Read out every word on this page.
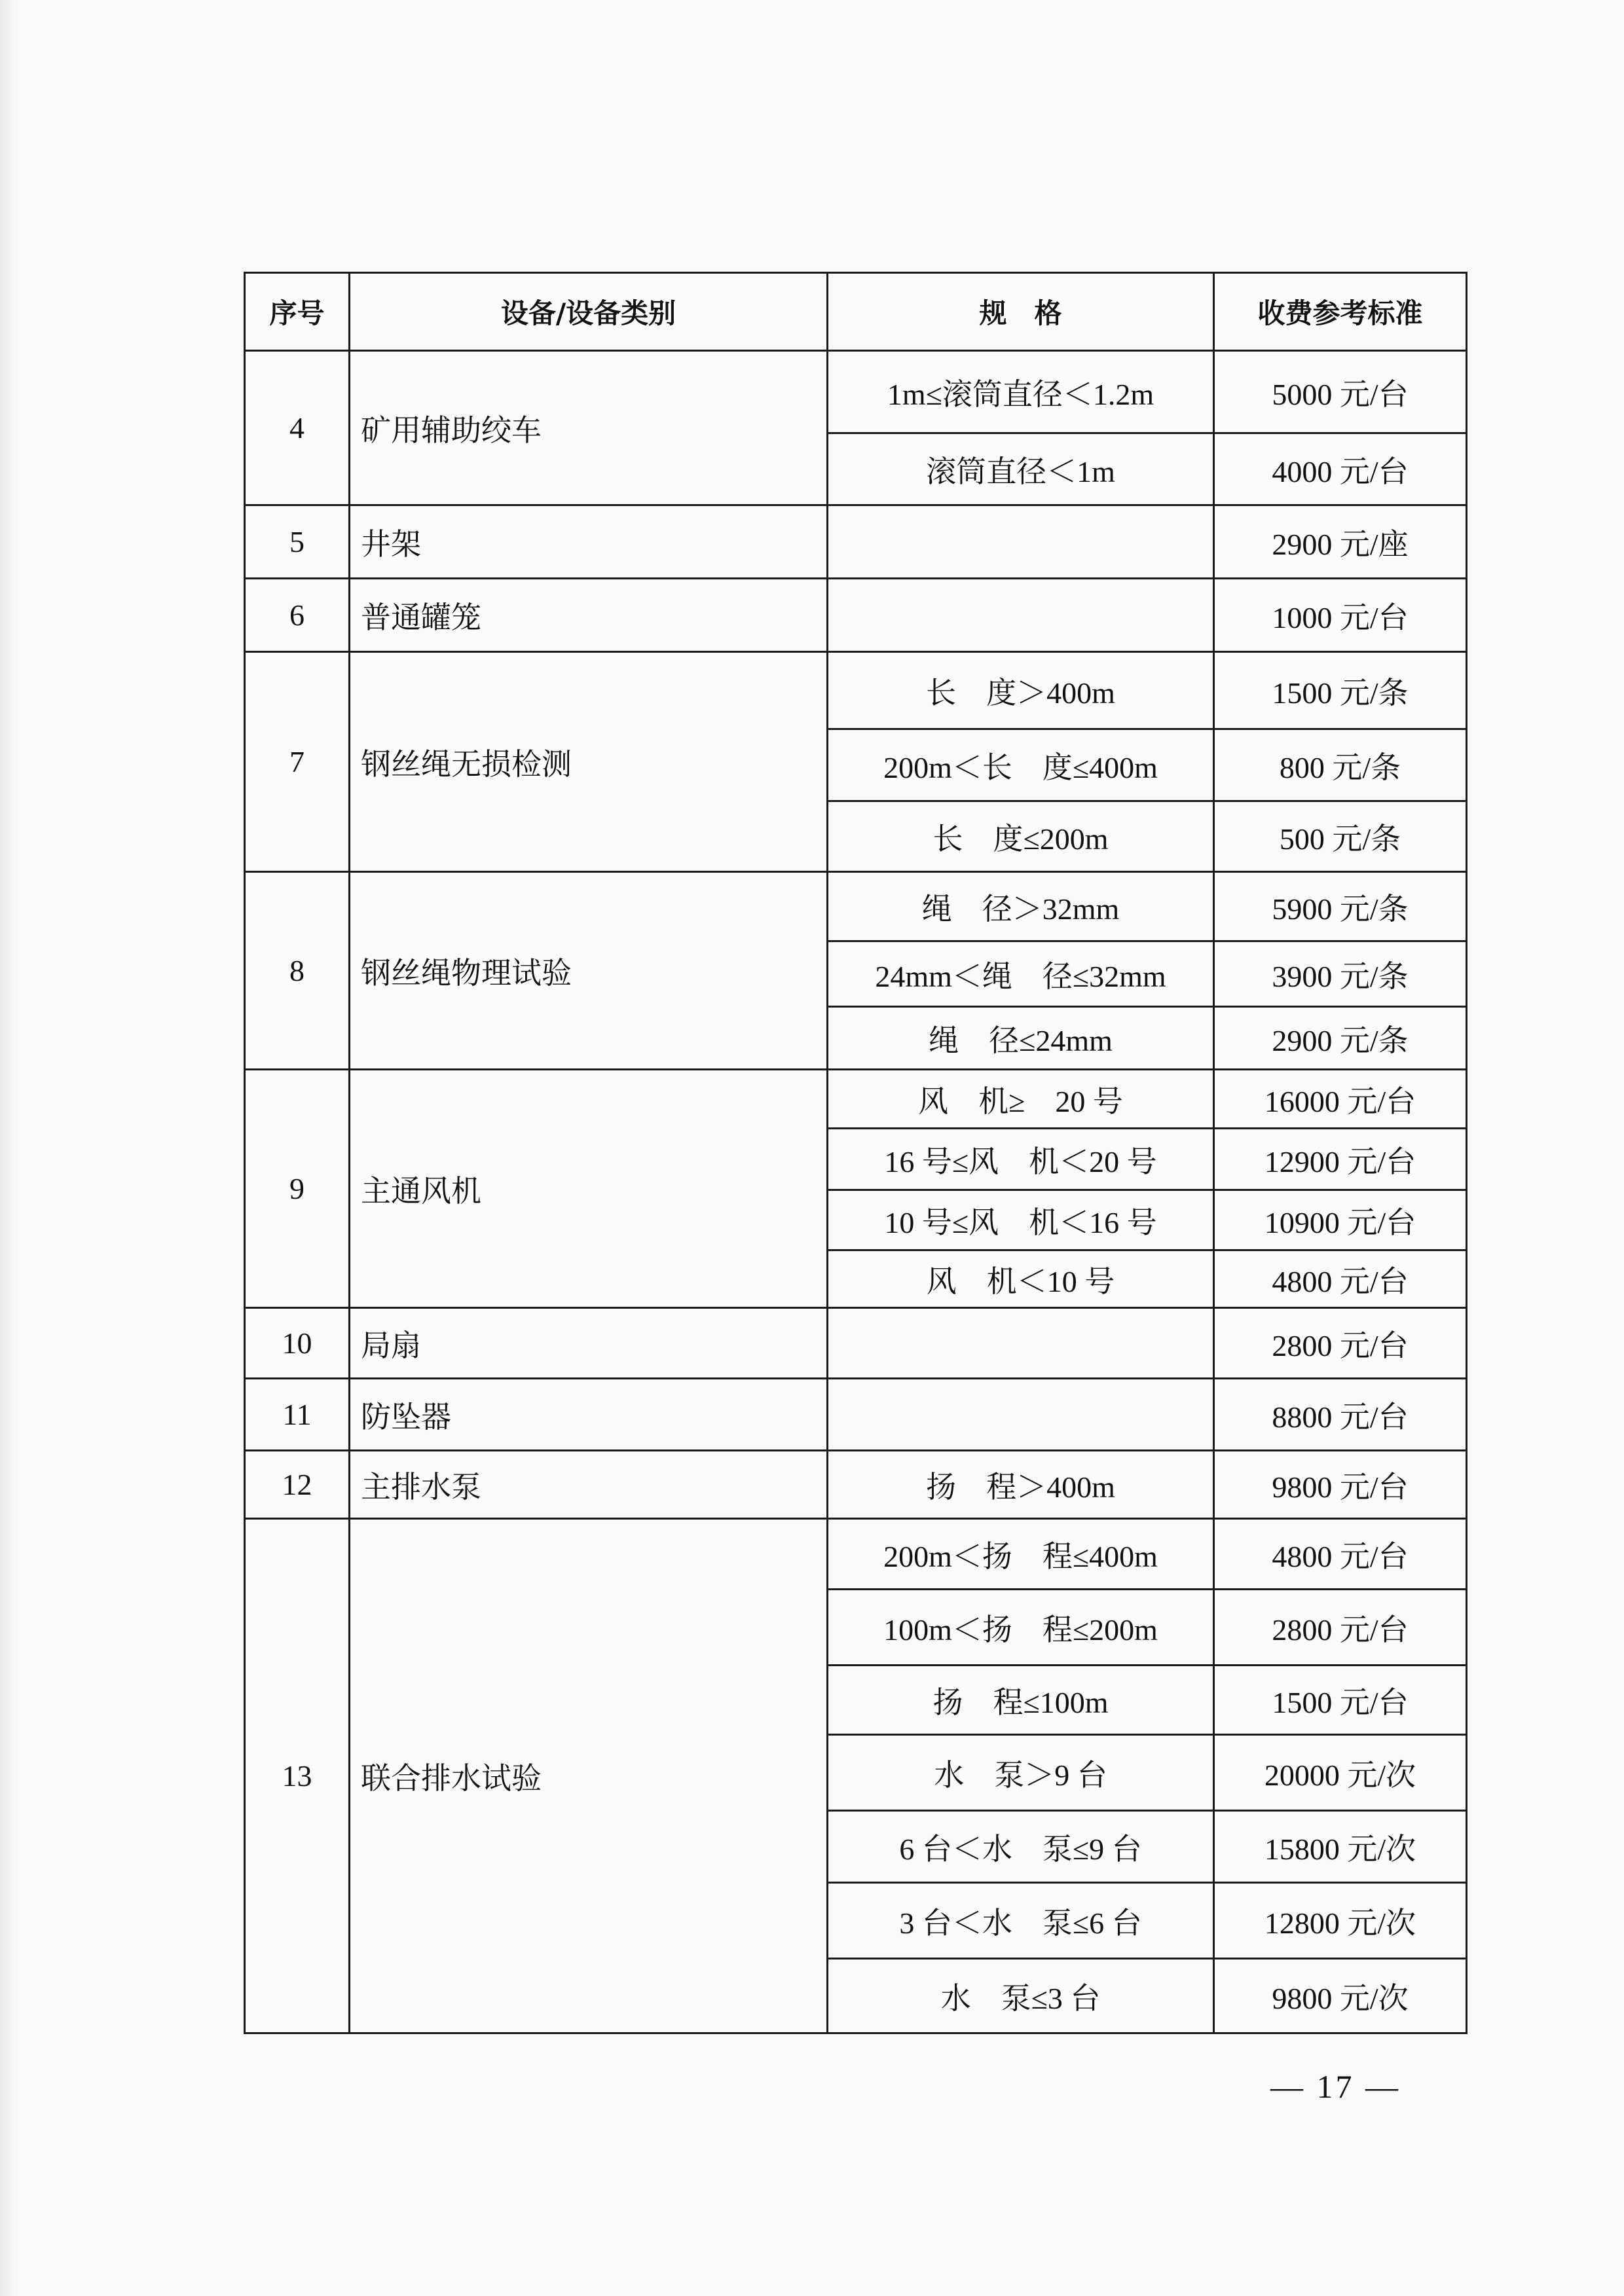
序号	设备/设备类别	规　格	收费参考标准
4	矿用辅助绞车	1m≤滚筒直径＜1.2m	5000 元/台
		滚筒直径＜1m	4000 元/台
5	井架		2900 元/座
6	普通罐笼		1000 元/台
7	钢丝绳无损检测	长　度＞400m	1500 元/条
		200m＜长　度≤400m	800 元/条
		长　度≤200m	500 元/条
8	钢丝绳物理试验	绳　径＞32mm	5900 元/条
		24mm＜绳　径≤32mm	3900 元/条
		绳　径≤24mm	2900 元/条
9	主通风机	风　机≥　20 号	16000 元/台
		16 号≤风　机＜20 号	12900 元/台
		10 号≤风　机＜16 号	10900 元/台
		风　机＜10 号	4800 元/台
10	局扇		2800 元/台
11	防坠器		8800 元/台
12	主排水泵	扬　程＞400m	9800 元/台
13	联合排水试验	200m＜扬　程≤400m	4800 元/台
		100m＜扬　程≤200m	2800 元/台
		扬　程≤100m	1500 元/台
		水　泵＞9 台	20000 元/次
		6 台＜水　泵≤9 台	15800 元/次
		3 台＜水　泵≤6 台	12800 元/次
		水　泵≤3 台	9800 元/次
— 17 —
